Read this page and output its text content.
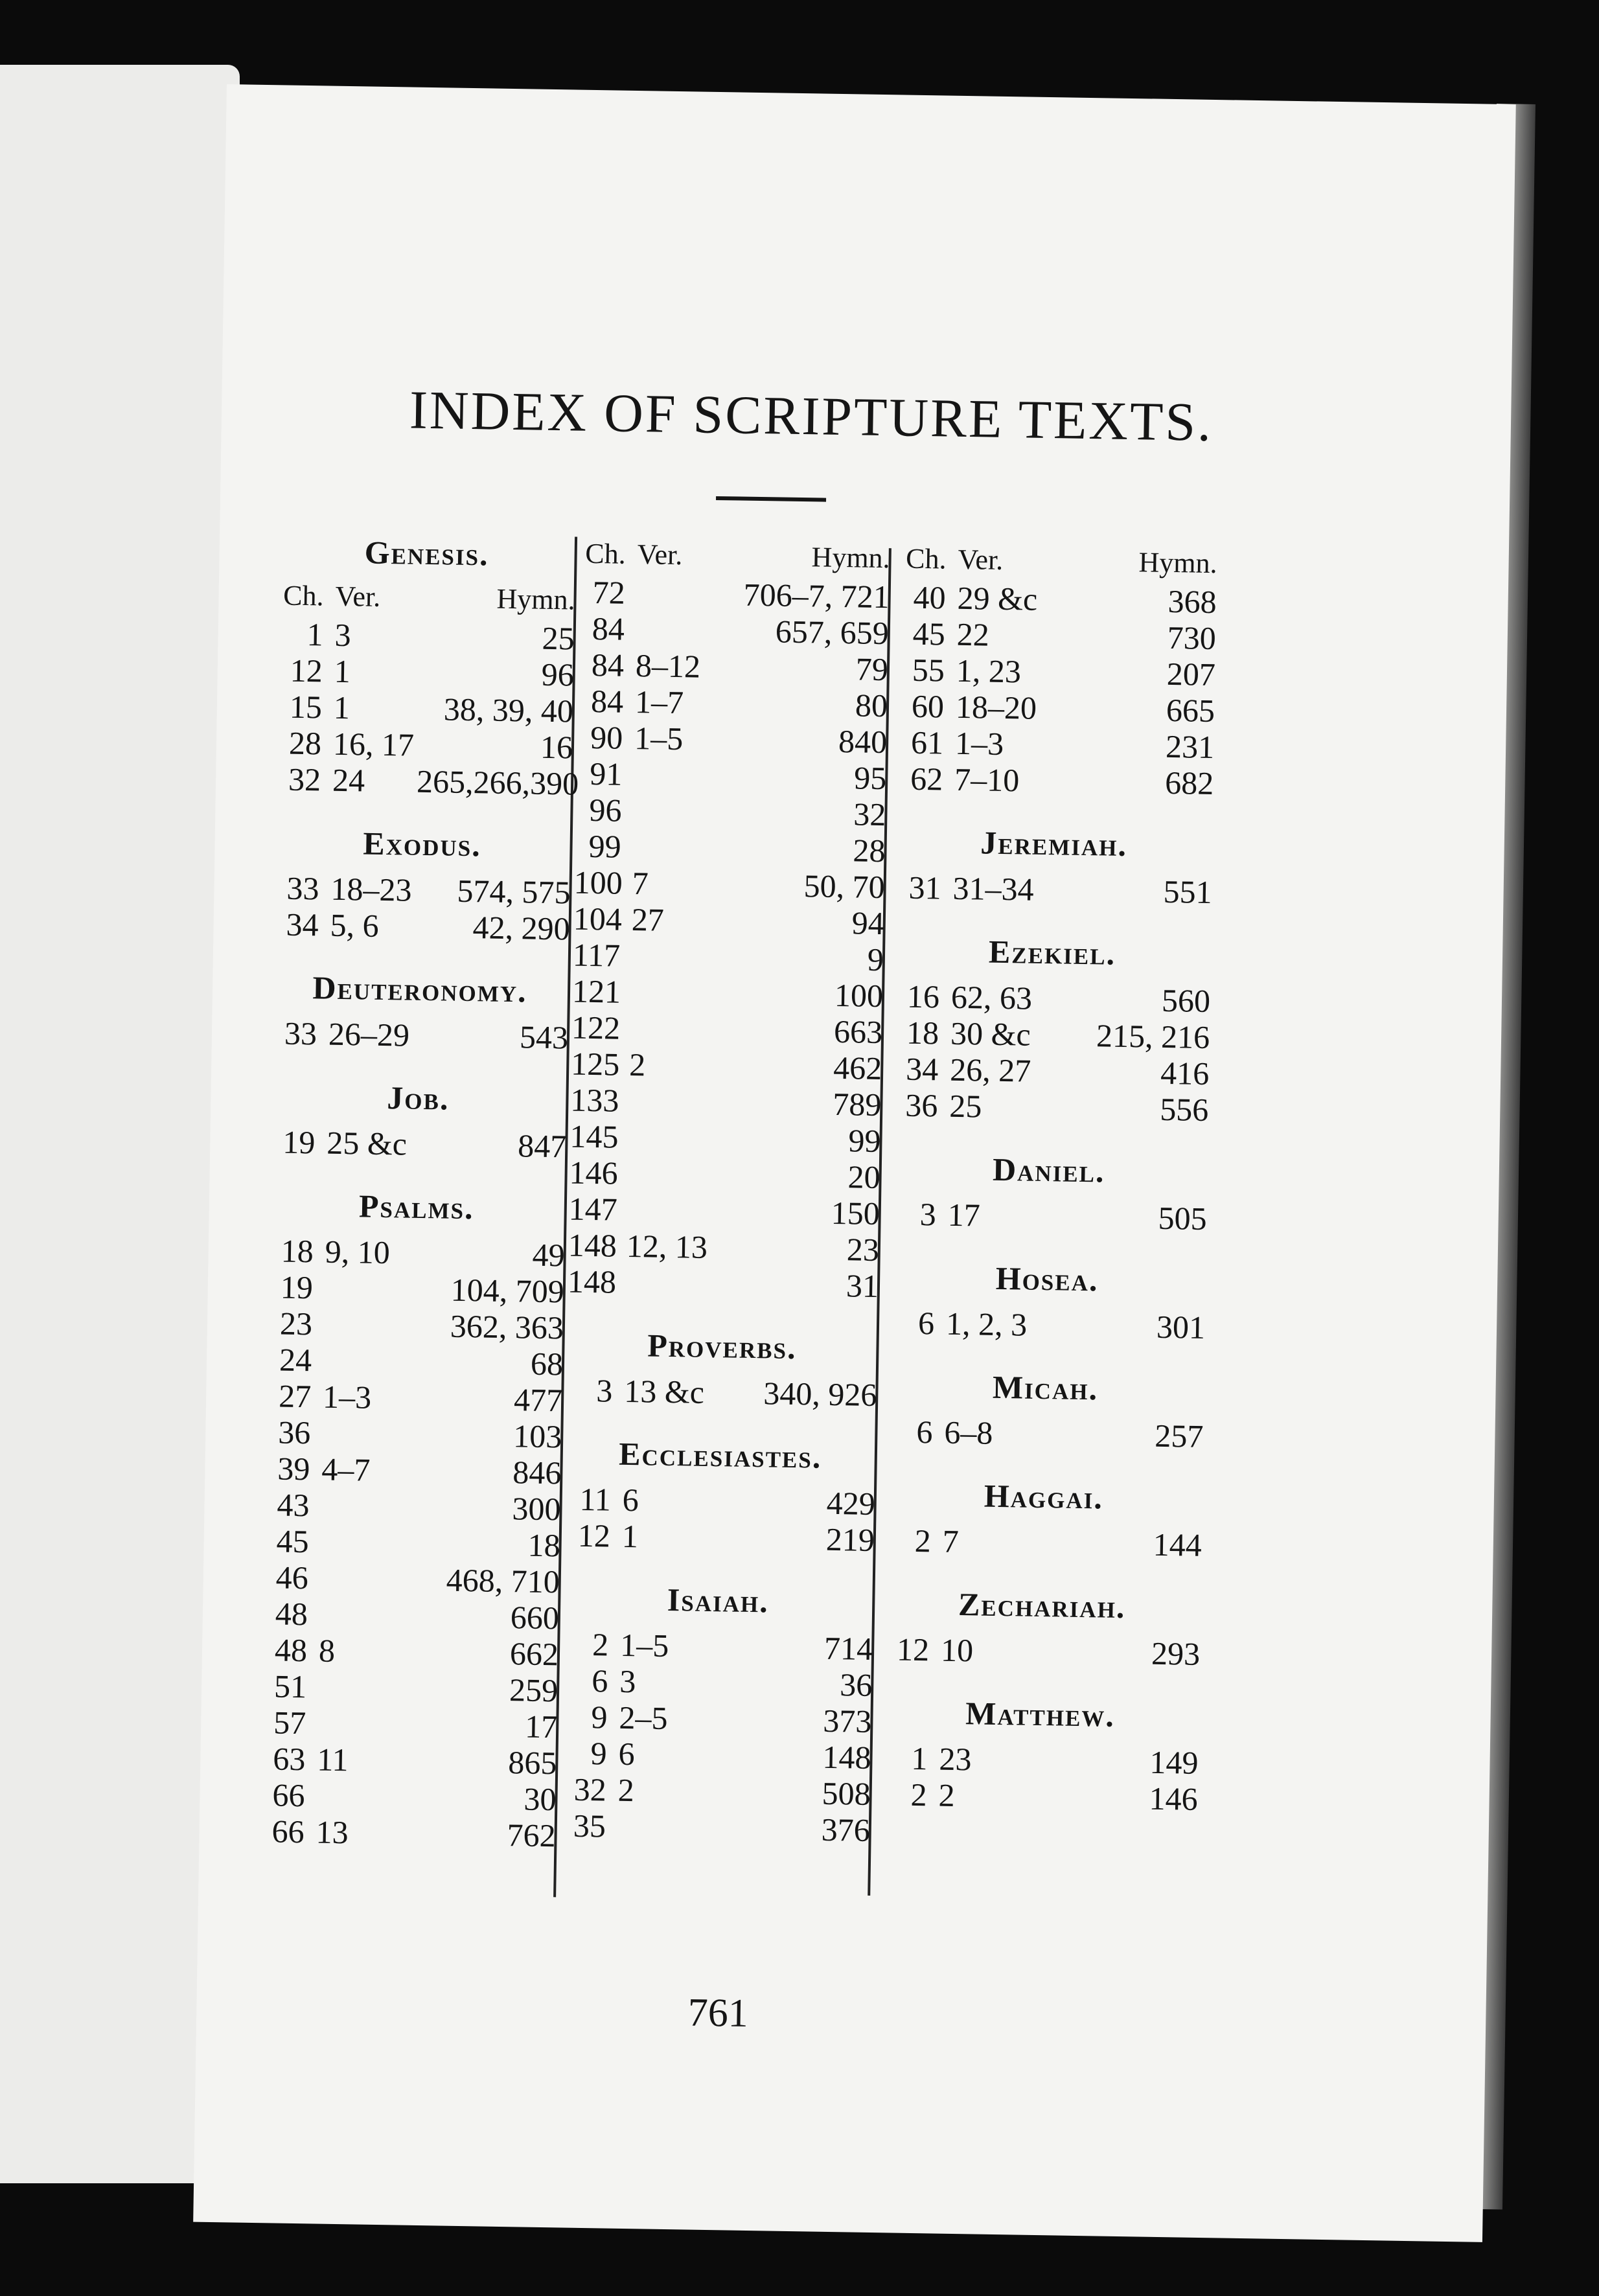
INDEX OF SCRIPTURE TEXTS.
Genesis.
Ch. Ver.	Hymn.
1 3	25
12 1	96
15 1	38, 39, 40
28 16, 17	16
32 24	265,266,390
Exodus.
33 18–23	574, 575
34 5, 6	42, 290
Deuteronomy.
33 26–29	543
Job.
19 25 &c	847
Psalms.
18 9, 10	49
19	104, 709
23	362, 363
24	68
27 1–3	477
36	103
39 4–7	846
43	300
45	18
46	468, 710
48	660
48 8	662
51	259
57	17
63 11	865
66	30
66 13	762
Ch. Ver.	Hymn.
72	706–7, 721
84	657, 659
84 8–12	79
84 1–7	80
90 1–5	840
91	95
96	32
99	28
100 7	50, 70
104 27	94
117	9
121	100
122	663
125 2	462
133	789
145	99
146	20
147	150
148 12, 13	23
148	31
Proverbs.
3 13 &c	340, 926
Ecclesiastes.
11 6	429
12 1	219
Isaiah.
2 1–5	714
6 3	36
9 2–5	373
9 6	148
32 2	508
35	376
Ch. Ver.	Hymn.
40 29 &c	368
45 22	730
55 1, 23	207
60 18–20	665
61 1–3	231
62 7–10	682
Jeremiah.
31 31–34	551
Ezekiel.
16 62, 63	560
18 30 &c	215, 216
34 26, 27	416
36 25	556
Daniel.
3 17	505
Hosea.
6 1, 2, 3	301
Micah.
6 6–8	257
Haggai.
2 7	144
Zechariah.
12 10	293
Matthew.
1 23	149
2 2	146
761
